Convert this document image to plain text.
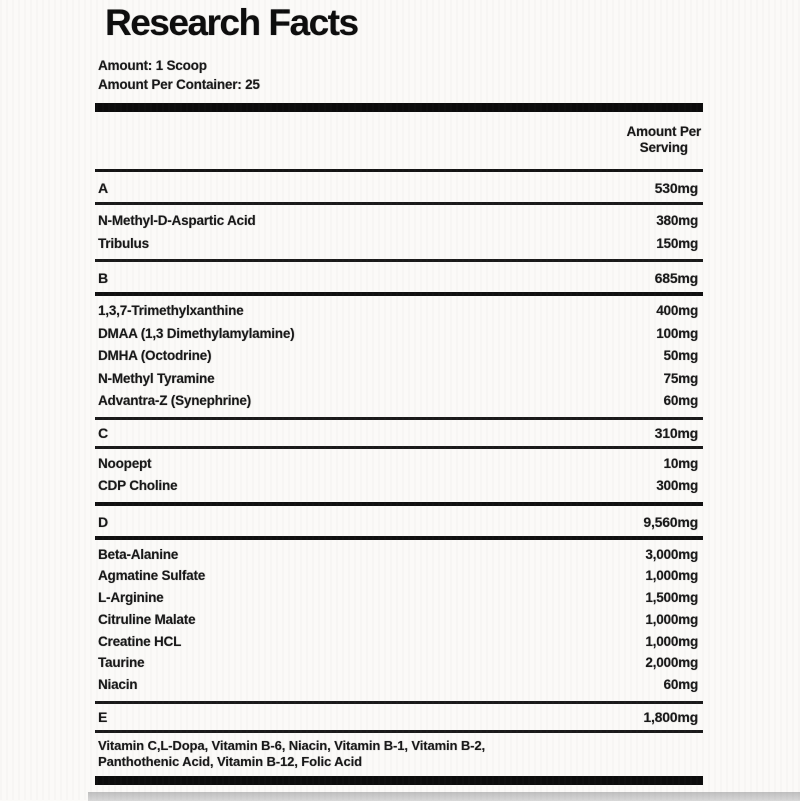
Research Facts
Amount: 1 Scoop
Amount Per Container: 25
Amount Per
Serving
A	530mg
N-Methyl-D-Aspartic Acid	380mg
Tribulus	150mg
B	685mg
1,3,7-Trimethylxanthine	400mg
DMAA (1,3 Dimethylamylamine)	100mg
DMHA (Octodrine)	50mg
N-Methyl Tyramine	75mg
Advantra-Z (Synephrine)	60mg
C	310mg
Noopept	10mg
CDP Choline	300mg
D	9,560mg
Beta-Alanine	3,000mg
Agmatine Sulfate	1,000mg
L-Arginine	1,500mg
Citruline Malate	1,000mg
Creatine HCL	1,000mg
Taurine	2,000mg
Niacin	60mg
E	1,800mg
Vitamin C,L-Dopa, Vitamin B-6, Niacin, Vitamin B-1, Vitamin B-2,
Panthothenic Acid, Vitamin B-12, Folic Acid
